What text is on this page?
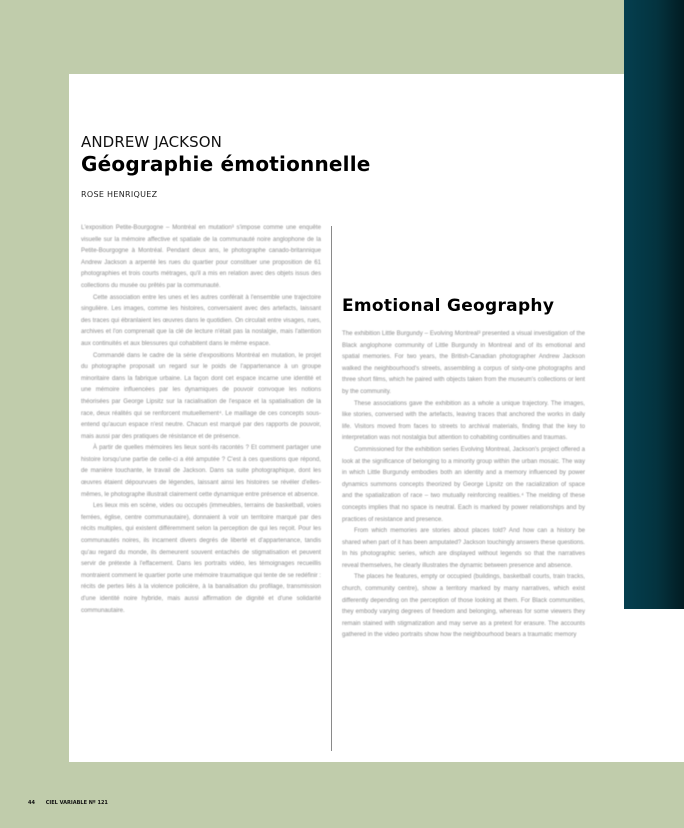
ANDREW JACKSON
Géographie émotionnelle
ROSE HENRIQUEZ

L'exposition Petite-Bourgogne – Montréal en mutation³ s'impose comme une enquête visuelle sur la mémoire affective et spatiale de la communauté noire anglophone de la Petite-Bourgogne à Montréal. Pendant deux ans, le photographe canado-britannique Andrew Jackson a arpenté les rues du quartier pour constituer une proposition de 61 photographies et trois courts métrages, qu'il a mis en relation avec des objets issus des collections du musée ou prêtés par la communauté.

Cette association entre les unes et les autres conférait à l'ensemble une trajectoire singulière. Les images, comme les histoires, conversaient avec des artefacts, laissant des traces qui ébranlaient les œuvres dans le quotidien. On circulait entre visages, rues, archives et l'on comprenait que la clé de lecture n'était pas la nostalgie, mais l'attention aux continuités et aux blessures qui cohabitent dans le même espace.

Commandé dans le cadre de la série d'expositions Montréal en mutation, le projet du photographe proposait un regard sur le poids de l'appartenance à un groupe minoritaire dans la fabrique urbaine. La façon dont cet espace incarne une identité et une mémoire influencées par les dynamiques de pouvoir convoque les notions théorisées par George Lipsitz sur la racialisation de l'espace et la spatialisation de la race, deux réalités qui se renforcent mutuellement⁴. Le maillage de ces concepts sous-entend qu'aucun espace n'est neutre. Chacun est marqué par des rapports de pouvoir, mais aussi par des pratiques de résistance et de présence.

À partir de quelles mémoires les lieux sont-ils racontés ? Et comment partager une histoire lorsqu'une partie de celle-ci a été amputée ? C'est à ces questions que répond, de manière touchante, le travail de Jackson. Dans sa suite photographique, dont les œuvres étaient dépourvues de légendes, laissant ainsi les histoires se révéler d'elles-mêmes, le photographe illustrait clairement cette dynamique entre présence et absence.

Les lieux mis en scène, vides ou occupés (immeubles, terrains de basketball, voies ferrées, église, centre communautaire), donnaient à voir un territoire marqué par des récits multiples, qui existent différemment selon la perception de qui les reçoit. Pour les communautés noires, ils incarnent divers degrés de liberté et d'appartenance, tandis qu'au regard du monde, ils demeurent souvent entachés de stigmatisation et peuvent servir de prétexte à l'effacement. Dans les portraits vidéo, les témoignages recueillis montraient comment le quartier porte une mémoire traumatique qui tente de se redéfinir : récits de pertes liés à la violence policière, à la banalisation du profilage, transmission d'une identité noire hybride, mais aussi affirmation de dignité et d'une solidarité communautaire.

Emotional Geography

The exhibition Little Burgundy – Evolving Montreal³ presented a visual investigation of the Black anglophone community of Little Burgundy in Montreal and of its emotional and spatial memories. For two years, the British-Canadian photographer Andrew Jackson walked the neighbourhood's streets, assembling a corpus of sixty-one photographs and three short films, which he paired with objects taken from the museum's collections or lent by the community.

These associations gave the exhibition as a whole a unique trajectory. The images, like stories, conversed with the artefacts, leaving traces that anchored the works in daily life. Visitors moved from faces to streets to archival materials, finding that the key to interpretation was not nostalgia but attention to cohabiting continuities and traumas.

Commissioned for the exhibition series Evolving Montreal, Jackson's project offered a look at the significance of belonging to a minority group within the urban mosaic. The way in which Little Burgundy embodies both an identity and a memory influenced by power dynamics summons concepts theorized by George Lipsitz on the racialization of space and the spatialization of race – two mutually reinforcing realities.⁴ The melding of these concepts implies that no space is neutral. Each is marked by power relationships and by practices of resistance and presence.

From which memories are stories about places told? And how can a history be shared when part of it has been amputated? Jackson touchingly answers these questions. In his photographic series, which are displayed without legends so that the narratives reveal themselves, he clearly illustrates the dynamic between presence and absence.

The places he features, empty or occupied (buildings, basketball courts, train tracks, church, community centre), show a territory marked by many narratives, which exist differently depending on the perception of those looking at them. For Black communities, they embody varying degrees of freedom and belonging, whereas for some viewers they remain stained with stigmatization and may serve as a pretext for erasure. The accounts gathered in the video portraits show how the neighbourhood bears a traumatic memory

44 CIEL VARIABLE Nº 121
